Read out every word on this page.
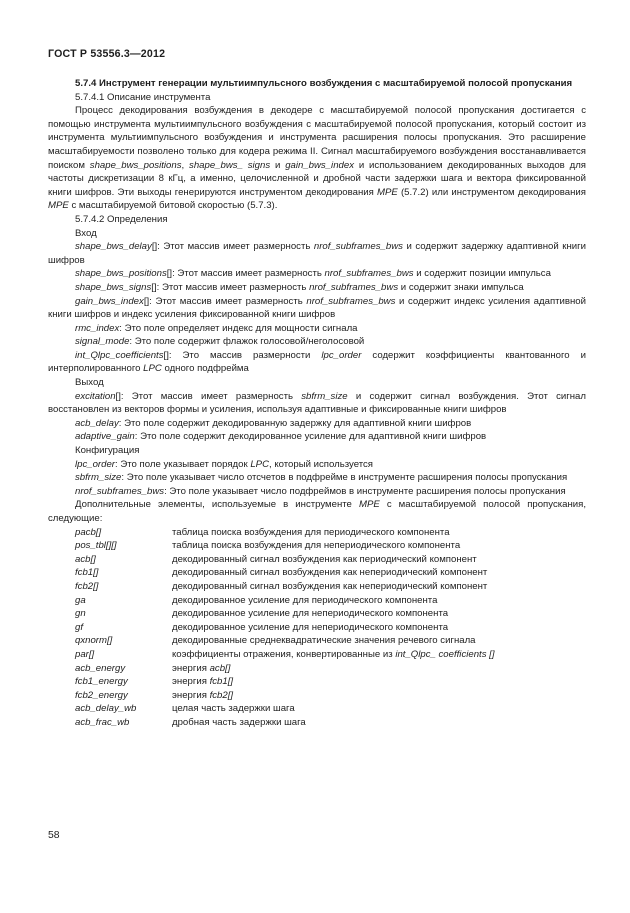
ГОСТ Р 53556.3—2012
5.7.4 Инструмент генерации мультиимпульсного возбуждения с масштабируемой полосой пропускания
5.7.4.1 Описание инструмента
Процесс декодирования возбуждения в декодере с масштабируемой полосой пропускания достигается с помощью инструмента мультиимпульсного возбуждения с масштабируемой полосой пропускания, который состоит из инструмента мультиимпульсного возбуждения и инструмента расширения полосы пропускания. Это расширение масштабируемости позволено только для кодера режима II. Сигнал масштабируемого возбуждения восстанавливается поиском shape_bws_positions, shape_bws_ signs и gain_bws_index и использованием декодированных выходов для частоты дискретизации 8 кГц, а именно, целочисленной и дробной части задержки шага и вектора фиксированной книги шифров. Эти выходы генерируются инструментом декодирования MPE (5.7.2) или инструментом декодирования MPE с масштабируемой битовой скоростью (5.7.3).
5.7.4.2 Определения
Вход
shape_bws_delay[]: Этот массив имеет размерность nrof_subframes_bws и содержит задержку адаптивной книги шифров
shape_bws_positions[]: Этот массив имеет размерность nrof_subframes_bws и содержит позиции импульса
shape_bws_signs[]: Этот массив имеет размерность nrof_subframes_bws и содержит знаки импульса
gain_bws_index[]: Этот массив имеет размерность nrof_subframes_bws и содержит индекс усиления адаптивной книги шифров и индекс усиления фиксированной книги шифров
rmc_index: Это поле определяет индекс для мощности сигнала
signal_mode: Это поле содержит флажок голосовой/неголосовой
int_Qlpc_coefficients[]: Это массив размерности lpc_order содержит коэффициенты квантованного и интерполированного LPC одного подфрейма
Выход
excitation[]: Этот массив имеет размерность sbfrm_size и содержит сигнал возбуждения. Этот сигнал восстановлен из векторов формы и усиления, используя адаптивные и фиксированные книги шифров
acb_delay: Это поле содержит декодированную задержку для адаптивной книги шифров
adaptive_gain: Это поле содержит декодированное усиление для адаптивной книги шифров
Конфигурация
lpc_order: Это поле указывает порядок LPC, который используется
sbfrm_size: Это поле указывает число отсчетов в подфрейме в инструменте расширения полосы пропускания
nrof_subframes_bws: Это поле указывает число подфреймов в инструменте расширения полосы пропускания
Дополнительные элементы, используемые в инструменте MPE с масштабируемой полосой пропускания, следующие:
pacb[]	таблица поиска возбуждения для периодического компонента
pos_tbl[][]	таблица поиска возбуждения для непериодического компонента
acb[]	декодированный сигнал возбуждения как периодический компонент
fcb1[]	декодированный сигнал возбуждения как непериодический компонент
fcb2[]	декодированный сигнал возбуждения как непериодический компонент
ga	декодированное усиление для периодического компонента
gn	декодированное усиление для непериодического компонента
gf	декодированное усиление для непериодического компонента
qxnorm[]	декодированные среднеквадратические значения речевого сигнала
par[]	коэффициенты отражения, конвертированные из int_Qlpc_ coefficients []
acb_energy	энергия acb[]
fcb1_energy	энергия fcb1[]
fcb2_energy	энергия fcb2[]
acb_delay_wb	целая часть задержки шага
acb_frac_wb	дробная часть задержки шага
58
